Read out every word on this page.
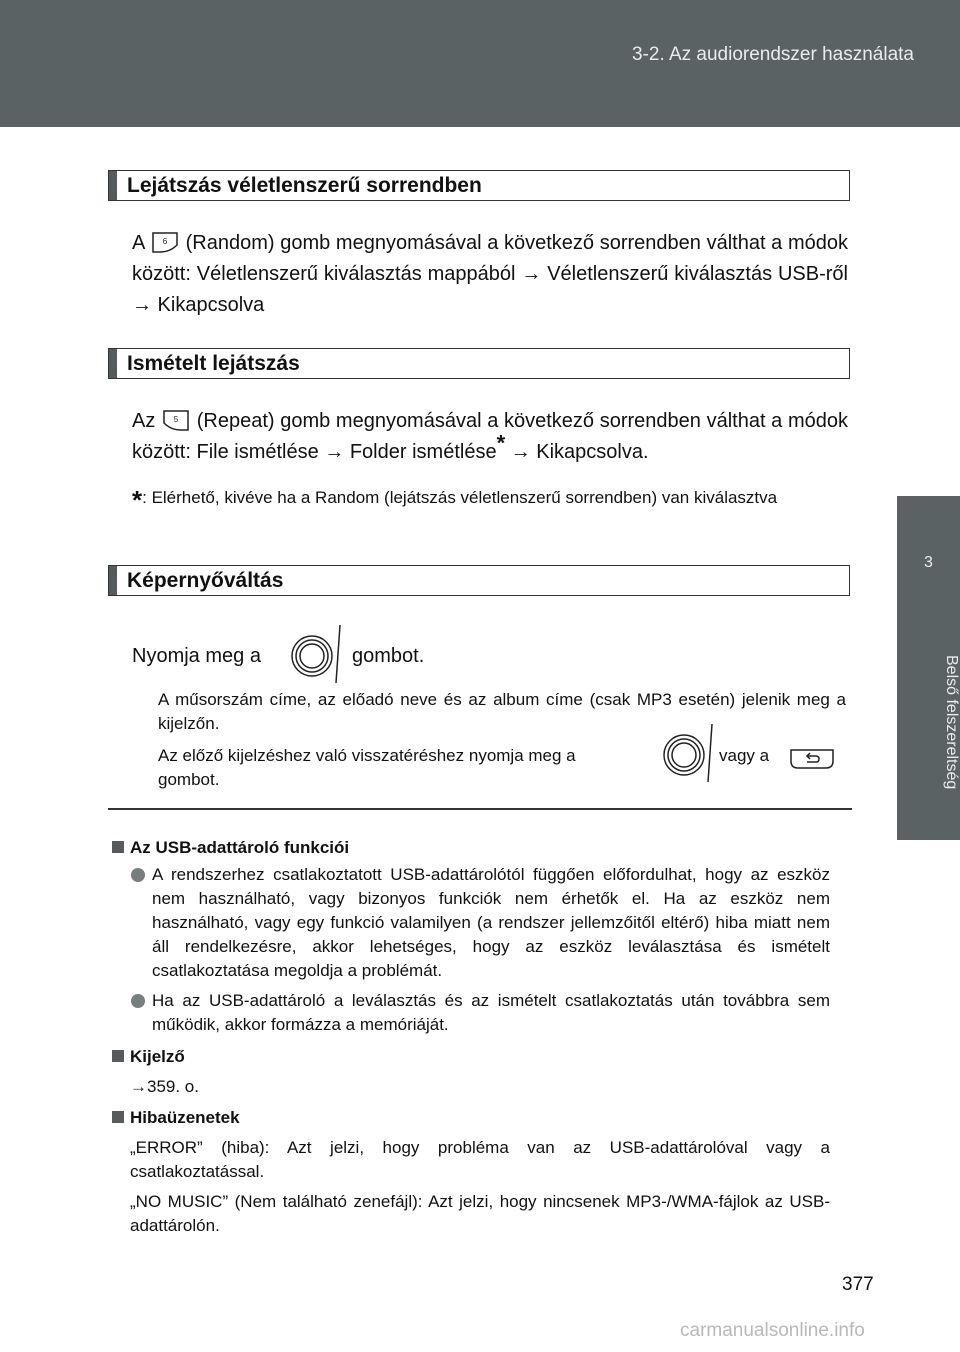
3-2. Az audiorendszer használata
3
Belső felszereltség
Lejátszás véletlenszerű sorrendben
A 6 (Random) gomb megnyomásával a következő sorrendben válthat a módok között: Véletlenszerű kiválasztás mappából → Véletlenszerű kiválasztás USB-ről → Kikapcsolva
Ismételt lejátszás
Az 5 (Repeat) gomb megnyomásával a következő sorrendben válthat a módok között: File ismétlése → Folder ismétlése* → Kikapcsolva.
*: Elérhető, kivéve ha a Random (lejátszás véletlenszerű sorrendben) van kiválasztva
Képernyőváltás
Nyomja meg a	gombot.
A műsorszám címe, az előadó neve és az album címe (csak MP3 esetén) jelenik meg a kijelzőn.
Az előző kijelzéshez való visszatéréshez nyomja meg a	vagy a
gombot.
Az USB-adattároló funkciói
A rendszerhez csatlakoztatott USB-adattárolótól függően előfordulhat, hogy az eszköz nem használható, vagy bizonyos funkciók nem érhetők el. Ha az eszköz nem használható, vagy egy funkció valamilyen (a rendszer jellemzőitől eltérő) hiba miatt nem áll rendelkezésre, akkor lehetséges, hogy az eszköz leválasztása és ismételt csatlakoztatása megoldja a problémát.
Ha az USB-adattároló a leválasztás és az ismételt csatlakoztatás után továbbra sem működik, akkor formázza a memóriáját.
Kijelző
→359. o.
Hibaüzenetek
„ERROR” (hiba): Azt jelzi, hogy probléma van az USB-adattárolóval vagy a csatlakoztatással.
„NO MUSIC” (Nem található zenefájl): Azt jelzi, hogy nincsenek MP3-/WMA-fájlok az USB-adattárolón.
377
carmanualsonline.info
